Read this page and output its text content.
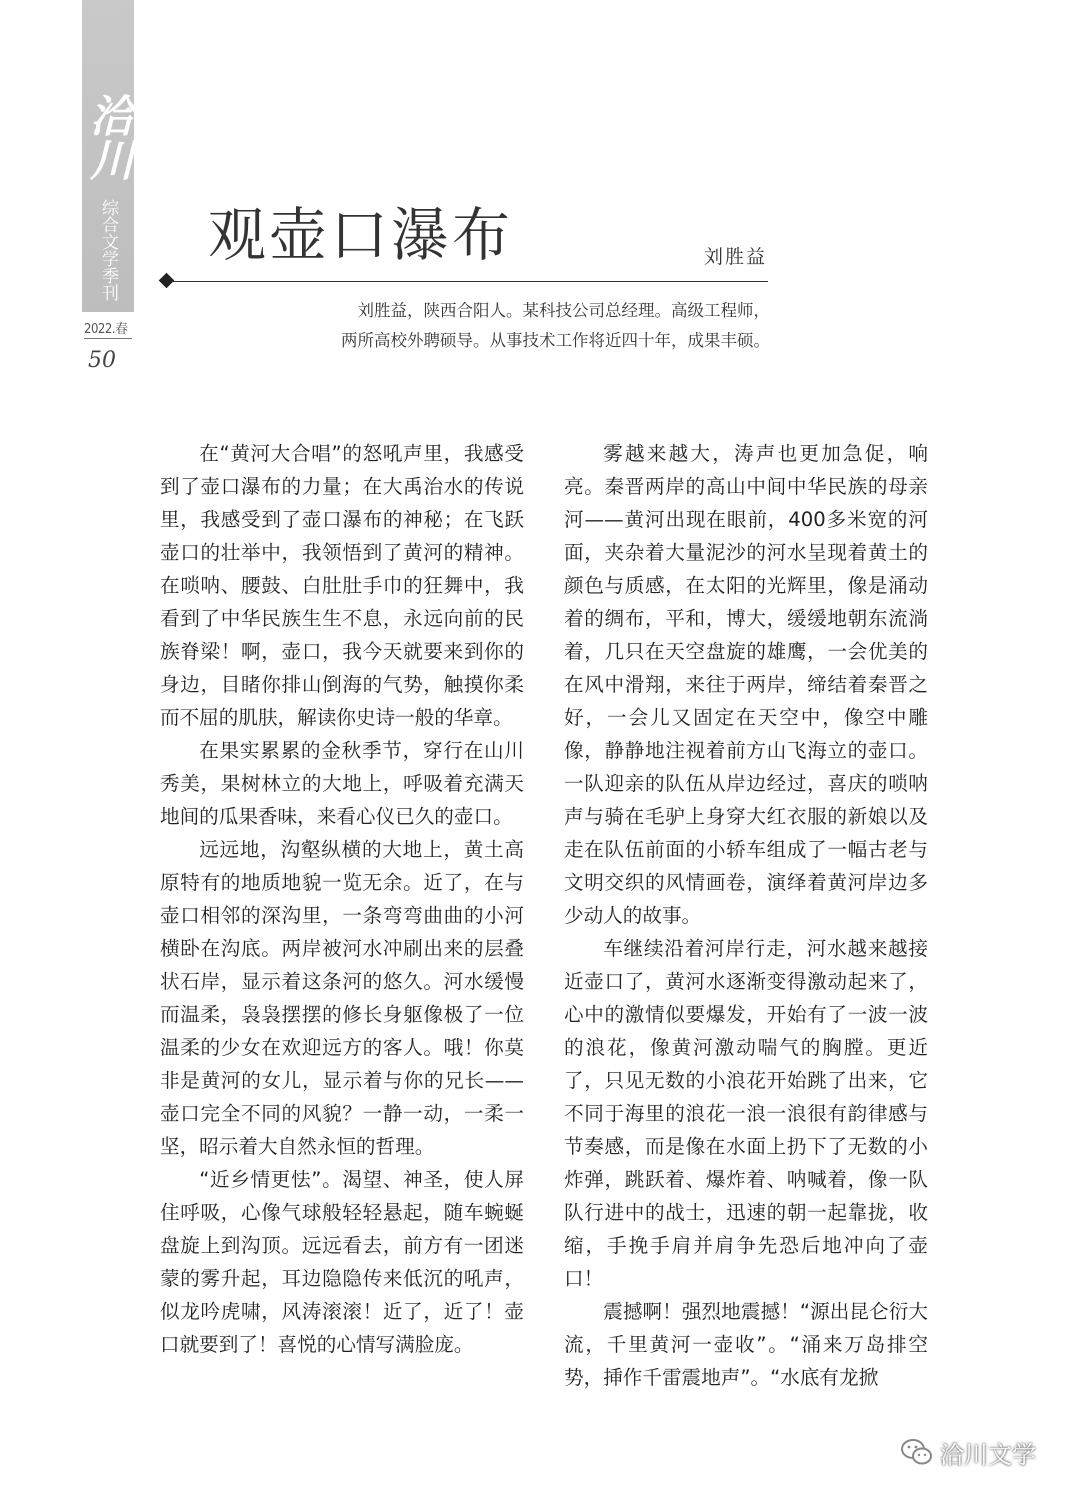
洽川
综合文学季刊
2022.春
50
观壶口瀑布	刘胜益

刘胜益，陕西合阳人。某科技公司总经理。高级工程师，

两所高校外聘硕导。从事技术工作将近四十年，成果丰硕。

在“黄河大合唱”的怒吼声里，我感受到了壶口瀑布的力量；在大禹治水的传说里，我感受到了壶口瀑布的神秘；在飞跃壶口的壮举中，我领悟到了黄河的精神。在唢呐、腰鼓、白肚肚手巾的狂舞中，我看到了中华民族生生不息，永远向前的民族脊梁！啊，壶口，我今天就要来到你的身边，目睹你排山倒海的气势，触摸你柔而不屈的肌肤，解读你史诗一般的华章。

在果实累累的金秋季节，穿行在山川秀美，果树林立的大地上，呼吸着充满天地间的瓜果香味，来看心仪已久的壶口。

远远地，沟壑纵横的大地上，黄土高原特有的地质地貌一览无余。近了，在与壶口相邻的深沟里，一条弯弯曲曲的小河横卧在沟底。两岸被河水冲刷出来的层叠状石岸，显示着这条河的悠久。河水缓慢而温柔，袅袅摆摆的修长身躯像极了一位温柔的少女在欢迎远方的客人。哦！你莫非是黄河的女儿，显示着与你的兄长——壶口完全不同的风貌？一静一动，一柔一坚，昭示着大自然永恒的哲理。

“近乡情更怯”。渴望、神圣，使人屏住呼吸，心像气球般轻轻悬起，随车蜿蜒盘旋上到沟顶。远远看去，前方有一团迷蒙的雾升起，耳边隐隐传来低沉的吼声，似龙吟虎啸，风涛滚滚！近了，近了！壶口就要到了！喜悦的心情写满脸庞。

雾越来越大，涛声也更加急促，响亮。秦晋两岸的高山中间中华民族的母亲河——黄河出现在眼前，400多米宽的河面，夹杂着大量泥沙的河水呈现着黄土的颜色与质感，在太阳的光辉里，像是涌动着的绸布，平和，博大，缓缓地朝东流淌着，几只在天空盘旋的雄鹰，一会优美的在风中滑翔，来往于两岸，缔结着秦晋之好，一会儿又固定在天空中，像空中雕像，静静地注视着前方山飞海立的壶口。一队迎亲的队伍从岸边经过，喜庆的唢呐声与骑在毛驴上身穿大红衣服的新娘以及走在队伍前面的小轿车组成了一幅古老与文明交织的风情画卷，演绎着黄河岸边多少动人的故事。

车继续沿着河岸行走，河水越来越接近壶口了，黄河水逐渐变得激动起来了，心中的激情似要爆发，开始有了一波一波的浪花，像黄河激动喘气的胸膛。更近了，只见无数的小浪花开始跳了出来，它不同于海里的浪花一浪一浪很有韵律感与节奏感，而是像在水面上扔下了无数的小炸弹，跳跃着、爆炸着、呐喊着，像一队队行进中的战士，迅速的朝一起靠拢，收缩，手挽手肩并肩争先恐后地冲向了壶口！

震撼啊！强烈地震撼！“源出昆仑衍大流，千里黄河一壶收”。“涌来万岛排空势，挿作千雷震地声”。“水底有龙掀

洽川文学
